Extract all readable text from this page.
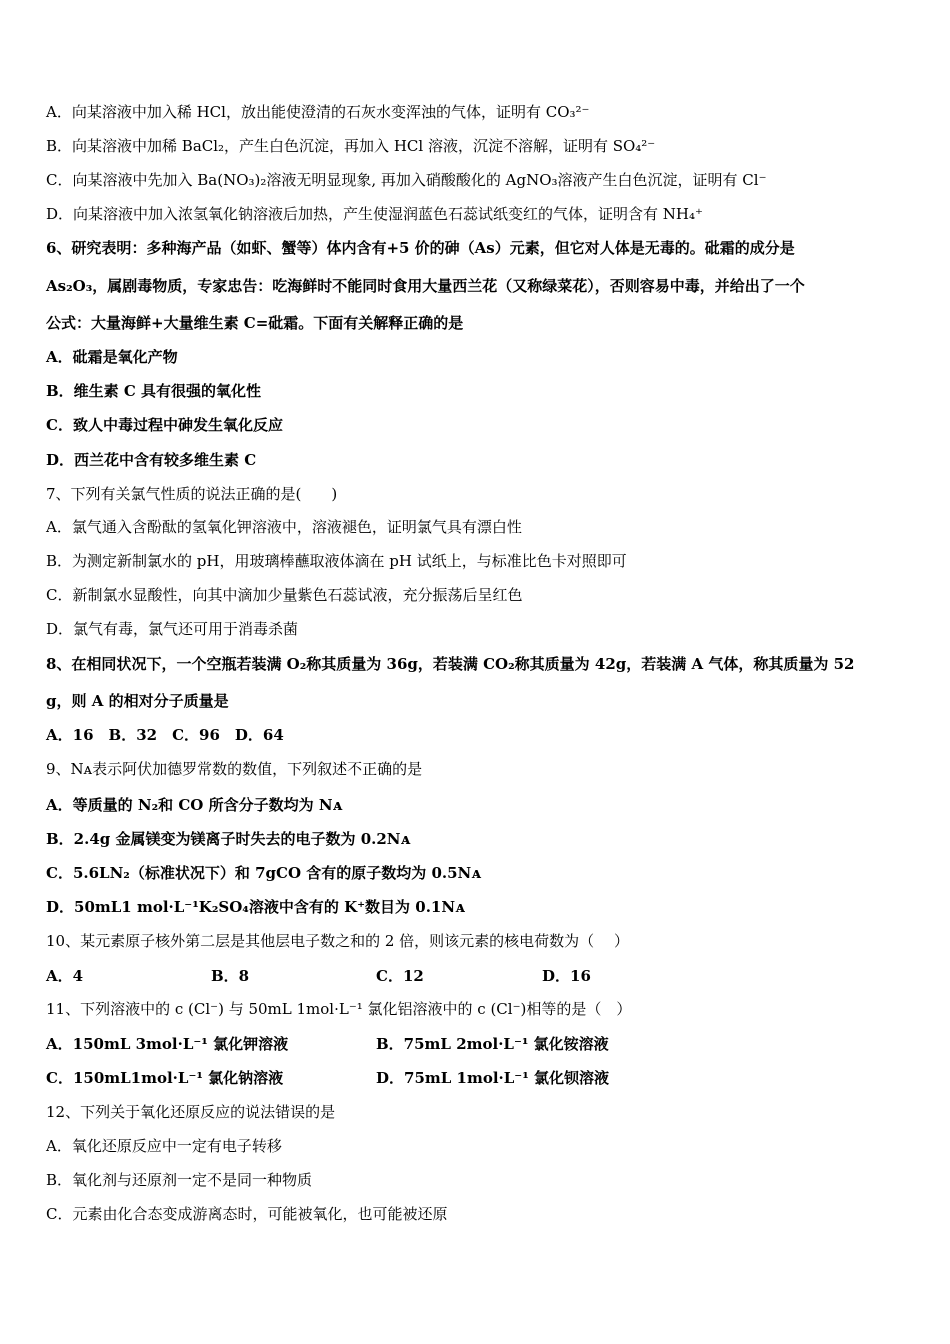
A．向某溶液中加入稀 HCl，放出能使澄清的石灰水变浑浊的气体，证明有 CO₃²⁻
B．向某溶液中加稀 BaCl₂，产生白色沉淀，再加入 HCl 溶液，沉淀不溶解，证明有 SO₄²⁻
C．向某溶液中先加入 Ba(NO₃)₂溶液无明显现象, 再加入硝酸酸化的 AgNO₃溶液产生白色沉淀，证明有 Cl⁻
D．向某溶液中加入浓氢氧化钠溶液后加热，产生使湿润蓝色石蕊试纸变红的气体，证明含有 NH₄⁺
6、研究表明：多种海产品（如虾、蟹等）体内含有+5 价的砷（As）元素，但它对人体是无毒的。砒霜的成分是
As₂O₃，属剧毒物质，专家忠告：吃海鲜时不能同时食用大量西兰花（又称绿菜花），否则容易中毒，并给出了一个
公式：大量海鲜+大量维生素 C=砒霜。下面有关解释正确的是
A．砒霜是氧化产物
B．维生素 C 具有很强的氧化性
C．致人中毒过程中砷发生氧化反应
D．西兰花中含有较多维生素 C
7、下列有关氯气性质的说法正确的是(　　)
A．氯气通入含酚酞的氢氧化钾溶液中，溶液褪色，证明氯气具有漂白性
B．为测定新制氯水的 pH，用玻璃棒蘸取液体滴在 pH 试纸上，与标准比色卡对照即可
C．新制氯水显酸性，向其中滴加少量紫色石蕊试液，充分振荡后呈红色
D．氯气有毒，氯气还可用于消毒杀菌
8、在相同状况下，一个空瓶若装满 O₂称其质量为 36g，若装满 CO₂称其质量为 42g，若装满 A 气体，称其质量为 52
g，则 A 的相对分子质量是
A．16　B．32　C．96　D．64
9、Nᴀ表示阿伏加德罗常数的数值，下列叙述不正确的是
A．等质量的 N₂和 CO 所含分子数均为 Nᴀ
B．2.4g 金属镁变为镁离子时失去的电子数为 0.2Nᴀ
C．5.6LN₂（标准状况下）和 7gCO 含有的原子数均为 0.5Nᴀ
D．50mL1 mol·L⁻¹K₂SO₄溶液中含有的 K⁺数目为 0.1Nᴀ
10、某元素原子核外第二层是其他层电子数之和的 2 倍，则该元素的核电荷数为（　 ）
A．4	B．8	C．12	D．16
11、下列溶液中的 c (Cl⁻) 与 50mL 1mol·L⁻¹ 氯化铝溶液中的 c (Cl⁻)相等的是（　）
A．150mL 3mol·L⁻¹ 氯化钾溶液	B．75mL 2mol·L⁻¹ 氯化铵溶液
C．150mL1mol·L⁻¹ 氯化钠溶液	D．75mL 1mol·L⁻¹ 氯化钡溶液
12、下列关于氧化还原反应的说法错误的是
A．氧化还原反应中一定有电子转移
B．氧化剂与还原剂一定不是同一种物质
C．元素由化合态变成游离态时，可能被氧化，也可能被还原
